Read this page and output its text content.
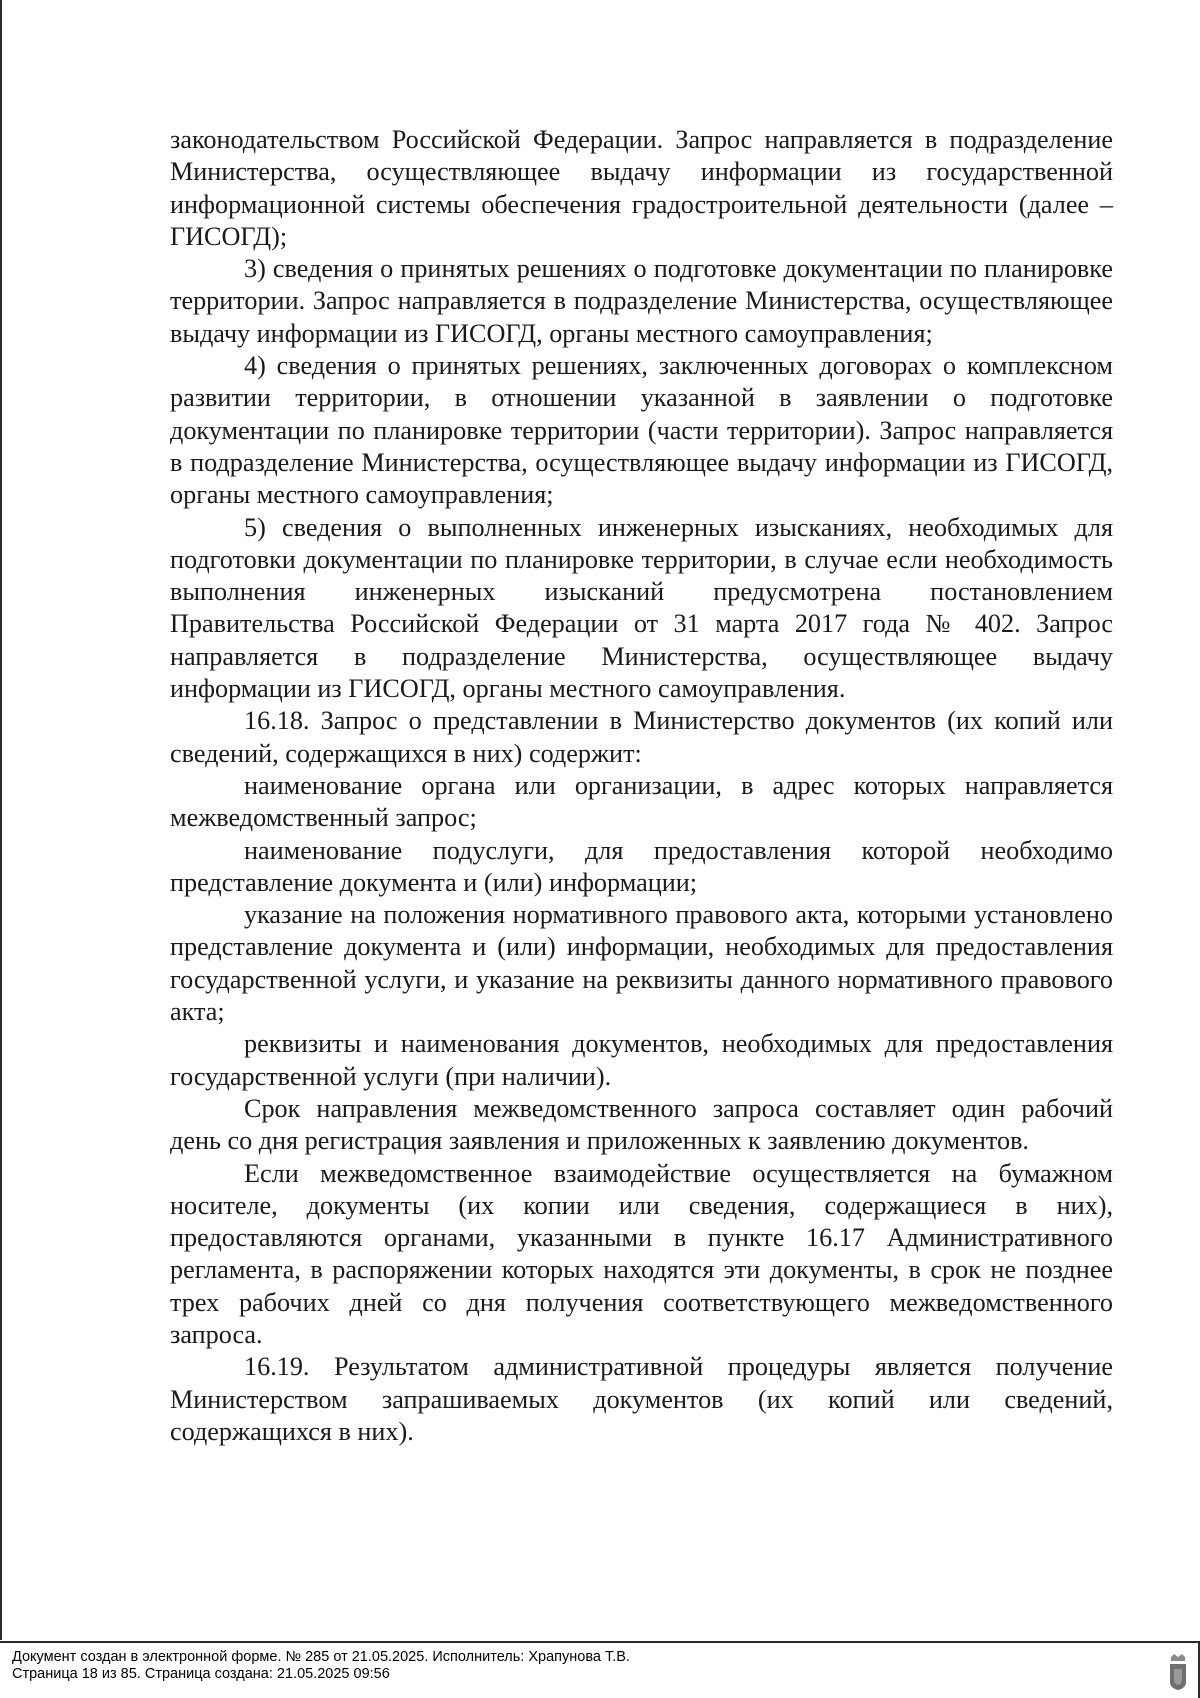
законодательством Российской Федерации. Запрос направляется в подразделение Министерства, осуществляющее выдачу информации из государственной информационной системы обеспечения градостроительной деятельности (далее – ГИСОГД);

3) сведения о принятых решениях о подготовке документации по планировке территории. Запрос направляется в подразделение Министерства, осуществляющее выдачу информации из ГИСОГД, органы местного самоуправления;

4) сведения о принятых решениях, заключенных договорах о комплексном развитии территории, в отношении указанной в заявлении о подготовке документации по планировке территории (части территории). Запрос направляется в подразделение Министерства, осуществляющее выдачу информации из ГИСОГД, органы местного самоуправления;

5) сведения о выполненных инженерных изысканиях, необходимых для подготовки документации по планировке территории, в случае если необходимость выполнения инженерных изысканий предусмотрена постановлением Правительства Российской Федерации от 31 марта 2017 года № 402. Запрос направляется в подразделение Министерства, осуществляющее выдачу информации из ГИСОГД, органы местного самоуправления.

16.18. Запрос о представлении в Министерство документов (их копий или сведений, содержащихся в них) содержит:

наименование органа или организации, в адрес которых направляется межведомственный запрос;

наименование подуслуги, для предоставления которой необходимо представление документа и (или) информации;

указание на положения нормативного правового акта, которыми установлено представление документа и (или) информации, необходимых для предоставления государственной услуги, и указание на реквизиты данного нормативного правового акта;

реквизиты и наименования документов, необходимых для предоставления государственной услуги (при наличии).

Срок направления межведомственного запроса составляет один рабочий день со дня регистрация заявления и приложенных к заявлению документов.

Если межведомственное взаимодействие осуществляется на бумажном носителе, документы (их копии или сведения, содержащиеся в них), предоставляются органами, указанными в пункте 16.17 Административного регламента, в распоряжении которых находятся эти документы, в срок не позднее трех рабочих дней со дня получения соответствующего межведомственного запроса.

16.19. Результатом административной процедуры является получение Министерством запрашиваемых документов (их копий или сведений, содержащихся в них).

Документ создан в электронной форме. № 285 от 21.05.2025. Исполнитель: Храпунова Т.В.
Страница 18 из 85. Страница создана: 21.05.2025 09:56
